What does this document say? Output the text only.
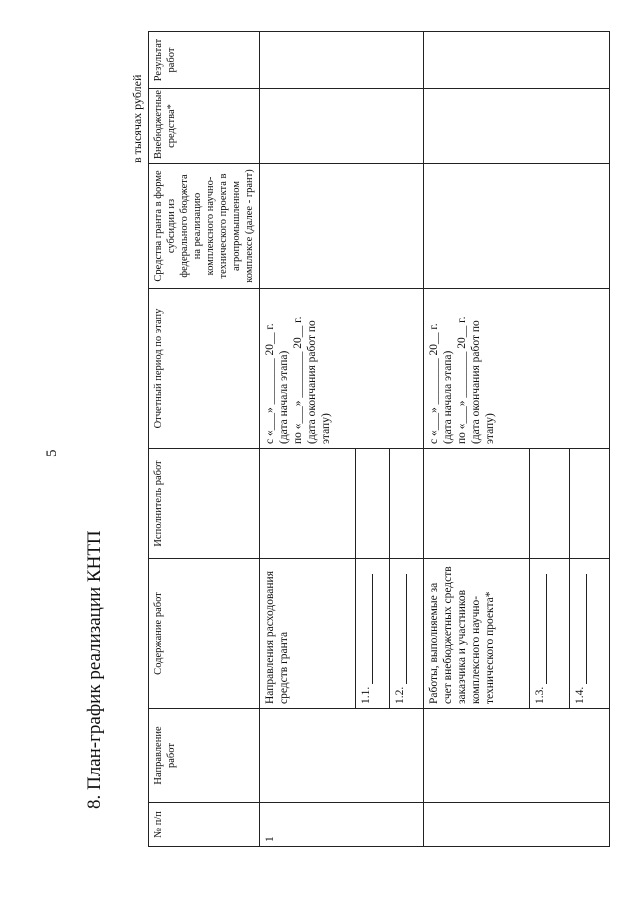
8. План-график реализации КНТП
5
в тысячах рублей
№ п/п	Направление работ	Содержание работ	Исполнитель работ	Отчетный период по этапу	Средства гранта в форме субсидии из федерального бюджета на реализацию комплексного научно-технического проекта в агропромышленном комплексе (далее - грант)	Внебюджетные средства*	Результат работ
1		Направления расходования средств гранта		с «___» ________ 20__ г. (дата начала этапа) по «___» ________ 20__ г. (дата окончания работ по этапу)			

		1.1.					
		1.2.					
		Работы, выполняемые за счет внебюджетных средств заказчика и участников комплексного научно-технического проекта*		с «___» ________ 20__ г. (дата начала этапа) по «___» ________ 20__ г. (дата окончания работ по этапу)			

		1.3.					
		1.4.					
